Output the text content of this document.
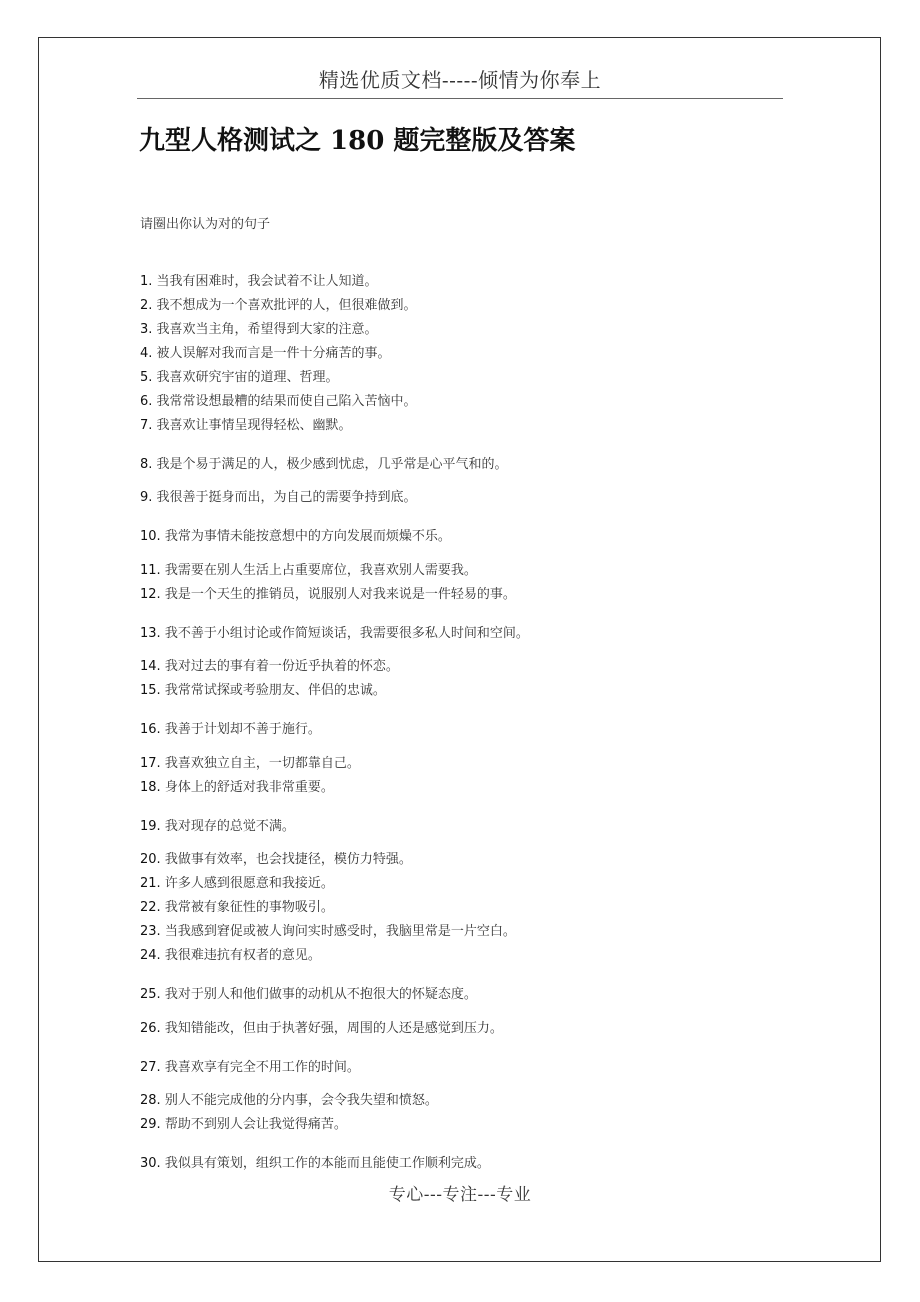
精选优质文档-----倾情为你奉上
九型人格测试之 180 题完整版及答案
请圈出你认为对的句子
1. 当我有困难时，我会试着不让人知道。
2. 我不想成为一个喜欢批评的人，但很难做到。
3. 我喜欢当主角，希望得到大家的注意。
4. 被人误解对我而言是一件十分痛苦的事。
5. 我喜欢研究宇宙的道理、哲理。
6. 我常常设想最糟的结果而使自己陷入苦恼中。
7. 我喜欢让事情呈现得轻松、幽默。
8. 我是个易于满足的人，极少感到忧虑，几乎常是心平气和的。
9. 我很善于挺身而出，为自己的需要争持到底。
10. 我常为事情未能按意想中的方向发展而烦燥不乐。
11. 我需要在别人生活上占重要席位，我喜欢别人需要我。
12. 我是一个天生的推销员，说服别人对我来说是一件轻易的事。
13. 我不善于小组讨论或作简短谈话，我需要很多私人时间和空间。
14. 我对过去的事有着一份近乎执着的怀恋。
15. 我常常试探或考验朋友、伴侣的忠诚。
16. 我善于计划却不善于施行。
17. 我喜欢独立自主，一切都靠自己。
18. 身体上的舒适对我非常重要。
19. 我对现存的总觉不满。
20. 我做事有效率，也会找捷径，模仿力特强。
21. 许多人感到很愿意和我接近。
22. 我常被有象征性的事物吸引。
23. 当我感到窘促或被人询问实时感受时，我脑里常是一片空白。
24. 我很难违抗有权者的意见。
25. 我对于别人和他们做事的动机从不抱很大的怀疑态度。
26. 我知错能改，但由于执著好强，周围的人还是感觉到压力。
27. 我喜欢享有完全不用工作的时间。
28. 别人不能完成他的分内事，会令我失望和愤怒。
29. 帮助不到别人会让我觉得痛苦。
30. 我似具有策划，组织工作的本能而且能使工作顺利完成。
专心---专注---专业
